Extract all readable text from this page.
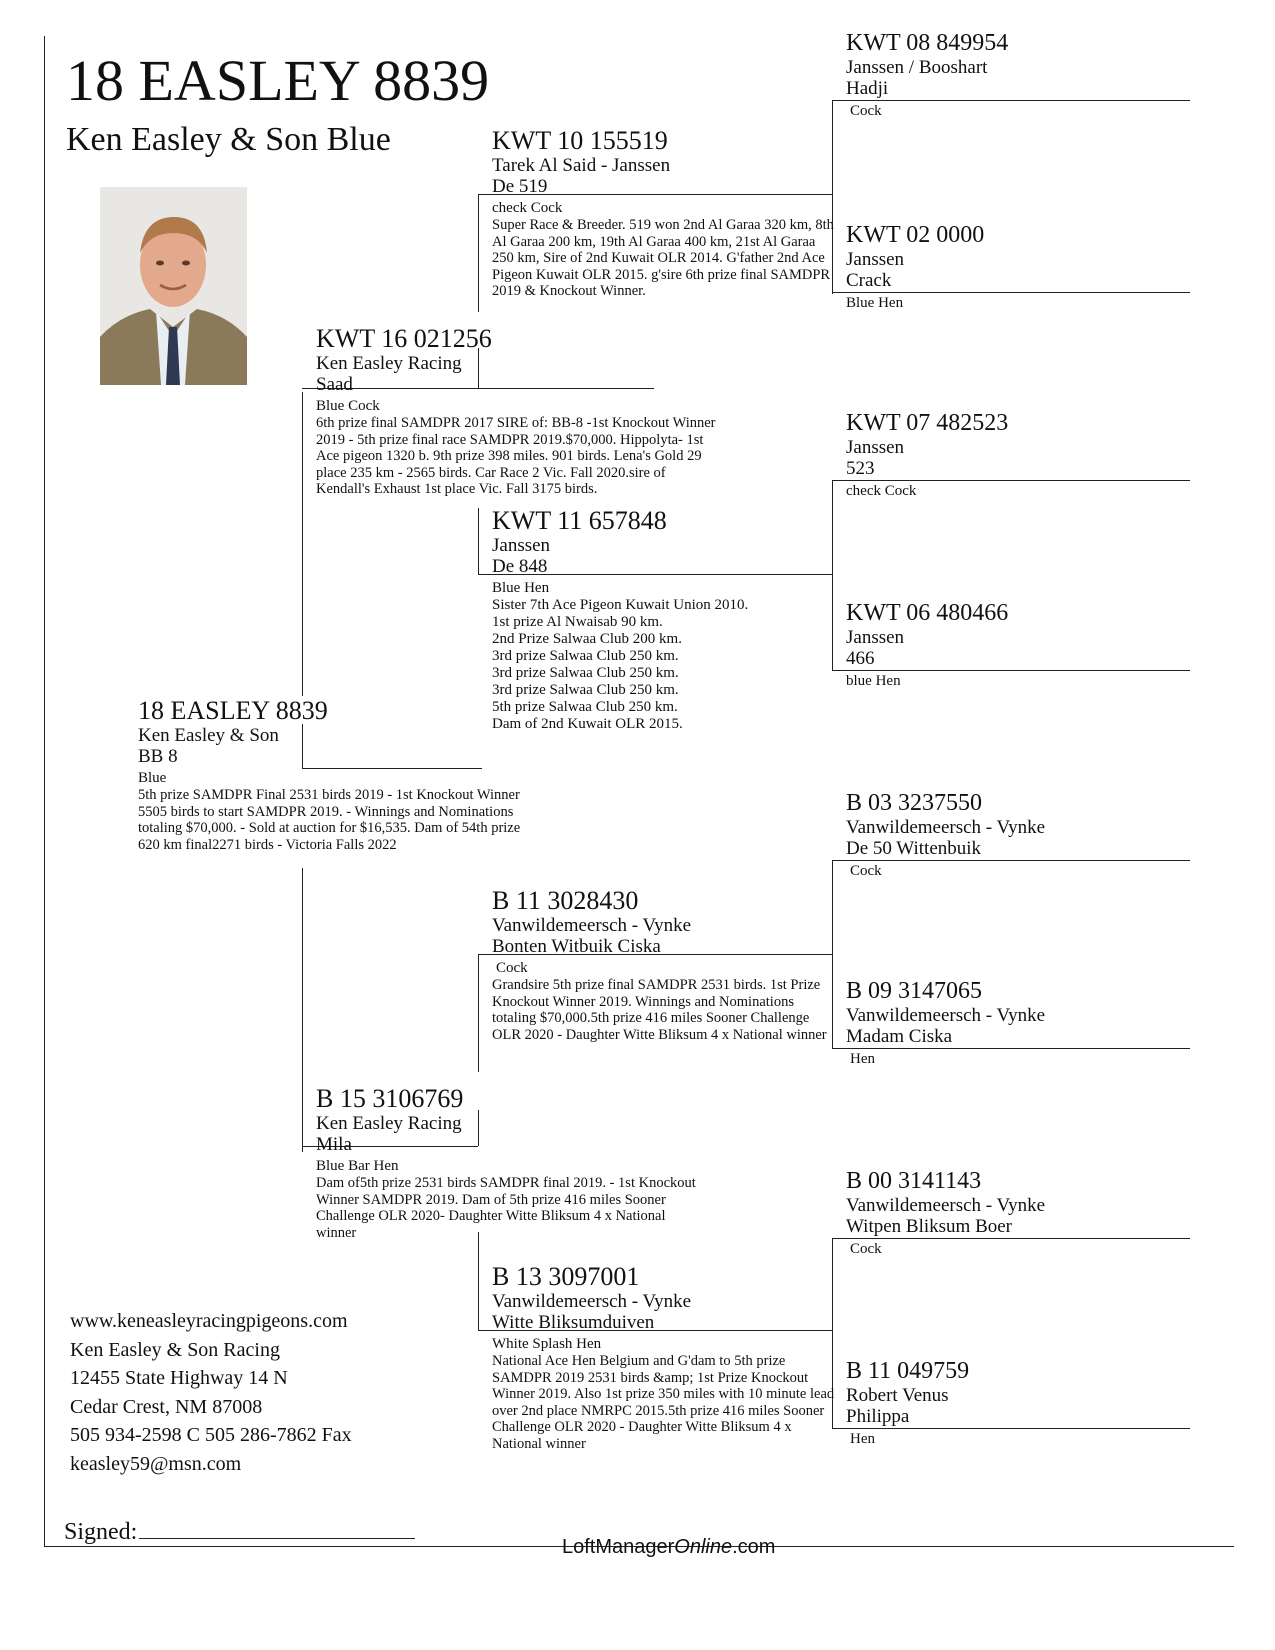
18 EASLEY 8839
Ken Easley & Son Blue
18 EASLEY 8839
Ken Easley & Son
BB 8
Blue
5th prize SAMDPR Final 2531 birds 2019 - 1st Knockout Winner 5505 birds to start SAMDPR 2019. - Winnings and Nominations totaling $70,000. - Sold at auction for $16,535. Dam of 54th prize 620 km final2271 birds - Victoria Falls 2022
KWT 16 021256
Ken Easley Racing
Saad
Blue Cock
6th prize final SAMDPR 2017 SIRE of: BB-8 -1st Knockout Winner 2019 - 5th prize final race SAMDPR 2019.$70,000. Hippolyta- 1st Ace pigeon 1320 b. 9th prize 398 miles. 901 birds. Lena's Gold 29 place 235 km - 2565 birds. Car Race 2 Vic. Fall 2020.sire of Kendall's Exhaust 1st place Vic. Fall 3175 birds.
B 15 3106769
Ken Easley Racing
Mila
Blue Bar Hen
Dam of5th prize 2531 birds SAMDPR final 2019. - 1st Knockout Winner SAMDPR 2019. Dam of 5th prize 416 miles Sooner Challenge OLR 2020- Daughter Witte Bliksum 4 x National winner
KWT 10 155519
Tarek Al Said - Janssen
De 519
check Cock
Super Race & Breeder. 519 won 2nd Al Garaa 320 km, 8th Al Garaa 200 km, 19th Al Garaa 400 km, 21st Al Garaa 250 km, Sire of 2nd Kuwait OLR 2014. G'father 2nd Ace Pigeon Kuwait OLR 2015. g'sire 6th prize final SAMDPR 2019 & Knockout Winner.
KWT 11 657848
Janssen
De 848
Blue Hen
Sister 7th Ace Pigeon Kuwait Union 2010.
1st prize Al Nwaisab 90 km.
2nd Prize Salwaa Club 200 km.
3rd prize Salwaa Club 250 km.
3rd prize Salwaa Club 250 km.
3rd prize Salwaa Club 250 km.
5th prize Salwaa Club 250 km.
Dam of 2nd Kuwait OLR 2015.
B 11 3028430
Vanwildemeersch - Vynke
Bonten Witbuik Ciska
Cock
Grandsire 5th prize final SAMDPR 2531 birds. 1st Prize Knockout Winner 2019. Winnings and Nominations totaling $70,000.5th prize 416 miles Sooner Challenge OLR 2020 - Daughter Witte Bliksum 4 x National winner
B 13 3097001
Vanwildemeersch - Vynke
Witte Bliksumduiven
White Splash Hen
National Ace Hen Belgium and G'dam to 5th prize SAMDPR 2019 2531 birds &amp; 1st Prize Knockout Winner 2019. Also 1st prize 350 miles with 10 minute lead over 2nd place NMRPC 2015.5th prize 416 miles Sooner Challenge OLR 2020 - Daughter Witte Bliksum 4 x National winner
KWT 08 849954
Janssen / Booshart
Hadji
Cock
KWT 02 0000
Janssen
Crack
Blue Hen
KWT 07 482523
Janssen
523
check Cock
KWT 06 480466
Janssen
466
blue Hen
B 03 3237550
Vanwildemeersch - Vynke
De 50 Wittenbuik
Cock
B 09 3147065
Vanwildemeersch - Vynke
Madam Ciska
Hen
B 00 3141143
Vanwildemeersch - Vynke
Witpen Bliksum Boer
Cock
B 11 049759
Robert Venus
Philippa
Hen
www.keneasleyracingpigeons.com
Ken Easley & Son Racing
12455 State Highway 14 N
Cedar Crest, NM 87008
505 934-2598 C 505 286-7862 Fax
keasley59@msn.com
Signed:
LoftManagerOnline.com
